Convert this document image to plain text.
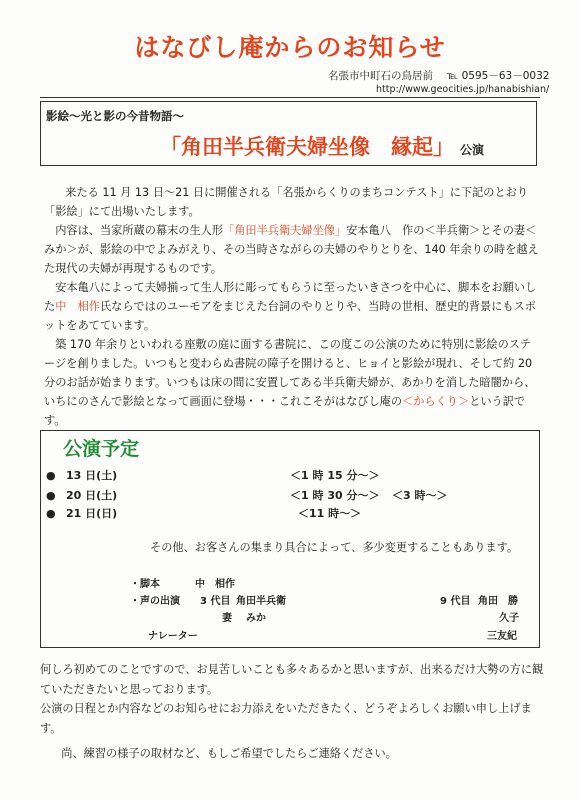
はなびし庵からのお知らせ
名張市中町石の鳥居前 ℡ 0595－63－0032
http://www.geocities.jp/hanabishian/
影絵～光と影の今昔物語～
「角田半兵衛夫婦坐像　縁起」 公演

来たる 11 月 13 日～21 日に開催される「名張からくりのまちコンテスト」に下記のとおり「影絵」にて出場いたします。

内容は、当家所蔵の幕末の生人形「角田半兵衛夫婦坐像」安本亀八　作の＜半兵衛＞とその妻＜みか＞が、影絵の中でよみがえり、その当時さながらの夫婦のやりとりを、140 年余りの時を越えた現代の夫婦が再現するものです。

安本亀八によって夫婦揃って生人形に彫ってもらうに至ったいきさつを中心に、脚本をお願いした中　相作氏ならではのユーモアをまじえた台詞のやりとりや、当時の世相、歴史的背景にもスポットをあてています。

築 170 年余りといわれる座敷の庭に面する書院に、この度この公演のために特別に影絵のステージを創りました。いつもと変わらぬ書院の障子を開けると、ヒョイと影絵が現れ、そして約 20 分のお話が始まります。いつもは床の間に安置してある半兵衛夫婦が、あかりを消した暗闇から、いちにのさんで影絵となって画面に登場・・・これこそがはなびし庵の＜からくり＞という訳です。

公演予定
● 13 日(土)	＜1 時 15 分～＞
● 20 日(土)	＜1 時 30 分～＞ ＜3 時～＞
● 21 日(日)	＜11 時～＞
その他、お客さんの集まり具合によって、多少変更することもあります。
・脚本	中　相作
・声の出演 3 代目 角田半兵衛	9 代目 角田　勝
妻 みか	久子
ナレーター	三友紀

何しろ初めてのことですので、お見苦しいことも多々あるかと思いますが、出来るだけ大勢の方に観ていただきたいと思っております。

公演の日程とか内容などのお知らせにお力添えをいただきたく、どうぞよろしくお願い申し上げます。

尚、練習の様子の取材など、もしご希望でしたらご連絡ください。
